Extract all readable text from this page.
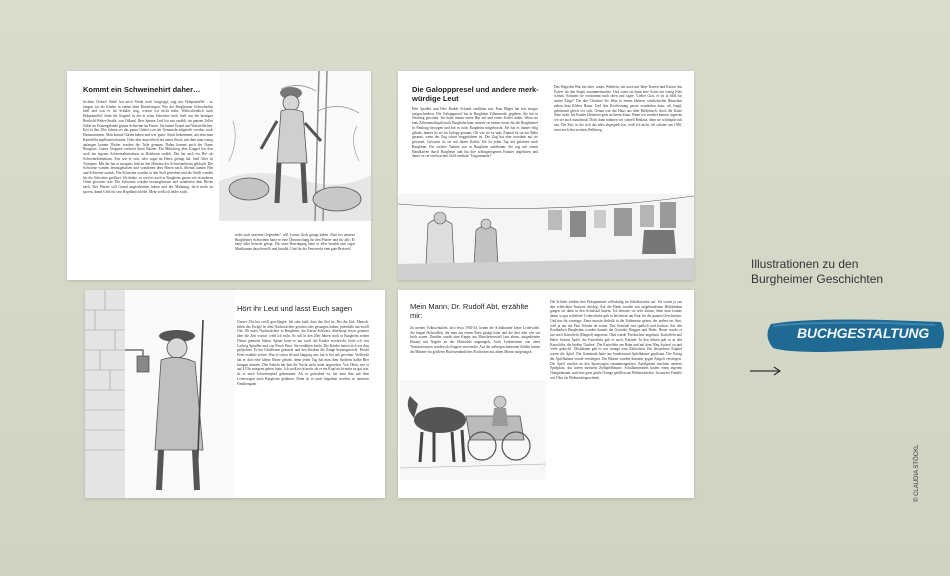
Kommt ein Schweinehirt daher…
Jochem Clobes! Steht! hat mich Schak noch fortgejagt, sagt mir Hohpantoffel… so sangen wir als Kinder in einem alten Kinderreigen. Wie der Burgheimer Schweinehirt hieß und was er für Schulze trug, wissen wir nicht mehr. Wahrscheinlich auch Hohpantoffel, denn die Gegend, in der er seine Schweine trieb, hieß von der heutigen Berthold-Weber-Straße, war Ödland. Herr Spinne Leid hat mir erzählt, im ganzen Zeller Sühle im Frauengelände grasen Schweine im Freien. Sie hatten Grund und Wasserflächen. Erst in den 20er Jahren sei das ganze Gebiet von der Gemeinde aufgeteilt worden, nach Hausnummern. Man konnte Gärten haben und wie 'gutes' Stück bekommen, auf dem man Kartoffeln anpflanzen konnte. Oder aber man erhielt ein neues Stück, mit dem man wenig anfangen konnte. Bisher wurden die Teile genauer. Daher kommt auch der Name Bettgasse. Ganze Gruppen verloren ihren Batzen. Ein Mittelweg über Koppel hat dort noch ein eigenes Schweinehirtenhaus in Holzheim erzählt. Der hat auch ein Hof als Schweinehirtenhaus. Erst wie er sich, oder sogar an Herrn gefragt hat, hieß Alter ist Trompete. Mit der hat er morgens früh an den Häusern der Schweineherrin geklopft. Die Schweine wurden herausgelassen und wanderten dem Hirten nach. Abends kamen Hirt und Schweine zurück. Die Schweine wurden in den Stall getrieben und die Ställe wurden für die Schweine geöffnet. Ich denke, es wird es auch in Burgheim genau wie in anderen Orten gewesen sein. Die Schweine wurden herausgelassen und wanderten dem Hirten nach. Der Pfarrer soll Grund angeschnitten haben und der Mahnung, doch mehr zu sparen, damit Geld für sein Begräbnis bleibe. Mehr weiß ich leider nicht.
nicht auch unserem Gegenden?, will Lorenz Groh gesagt haben. Aber bei unseren Burgheimer Schweinen hatte er eine Überraschung für den Pfarrer und für alle. Er hatte alles beiseite gelegt. Für seine Beerdigung hatte er alles bezahlt und sogar Musikanten dazu bestellt und bezahlt. Und für die Feuerwehr eine gute Brotzeit!
Die Galopppresel und andere merk-würdige Leut
Herr Spadler und Herr Rudolf Schmid erzählten mir, Frau Hilger hat mir einiges aufgeschrieben. Die Galopppresel hat in Burgheim Zithermusik gegeben. Sie hat in Neuburg gewohnt. Sie hatte immer einen Hut auf und einen Koffer dabei. Wenn sie zum Zithermusikspiel nach Burgheim kam, musste sie immer etwas für die Burgheimer in Neuburg besorgen und hat es nach Burgheim mitgebracht. Sie hat es immer eilig gehabt, immer ist sie im Galopp gerannt. Oft war sie zu spät. Einmal ist sie zur Bahn gerannt, wenn der Zug schon weggefahren ist. Der Zug hat aber trotzdem auf sie gewartet. Gewartet ist sie mit ihrem Koffer. Sie ist jeden Tag mit gefahren nach Burgheim. Für weitere Namen war in Burgheim unbekannt. Sie zog mit einem Handkarren durch Burgheim und hat ihre selbstgezogenen Kräuter angeboten und damit ist sie ein bisschen Geld verdient. 'Ungarnmenz!'
Das Wagerlin War ein altes, armes Weiblein, das auch mit Ihrer Karren und Kissen das Pulver für den Segen zusammensuchte. Und wenn sie dann eine Acker ein wenig Klee schnitt, Schauen sie verstummt nach oben und sagte: 'Lieber Gott, es ist ja bloß für meine Ziege!' Die alte Christine Sie lebte in einem kleinen, windschiefen Häuschen neben dem Kleber Bauer. Und ihre Erscheinung passte wunderbar dazu: alt, fragil, gekrümmt gleich vor sich. Genau war das Haus aus dem Bilderbuch. Auch die Katze lebte nicht, bei Kinder kletterten gern an ihrem Zaun. Wenn wir vorüber kamen, ärgerten wir sie auch manchmal. Doch dann nahmen wir schnell Reißaus, denn sie schimpfte mit uns. Die Zeit, in der sich das alles abgespielt hat, weiß ich nicht, ich schätze um 1930, etwa noch den zweiten Weltkrieg.
Hört ihr Leut und lasst Euch sagen
Unsere Uhr hat zwölf geschlagen. Ich sehe bald, dass das Ziel ist. Bei der Zeit, Mensch, behüt das Ewige! In dem Nachtwächter gerufen oder gesungen haben, jedenfalls aus zwölf Uhr. Ob unser Nachtwächter in Burgheim, der Kaiser-Schwarz, überhaupt etwas genaues über die Zeit wusste, weiß ich nicht. Er soll in den 20er Jahren noch in Burgheim seinen Dienst gemacht haben. Später hatte er nur noch die Kinder erschreckt, hörte ich von Ludwig Spindler und von Pesch Peter. Sie erzählten beide: Die Kinder hatten sich vor ihm gefürchtet. Er hat Gefallenen gemacht und den Knaben die Zange herausgereicht. Peschl Peter erzählte weiter: War er schon alt und klapprig war, hat er bei uns gewohnt. Vielleicht hat er dort eine kleine Rente gehabt, denn jeden Tag hat man dem Anderen halbe Bier bringen müssen. Den Enkeln hat ihm die Nacht nicht mehr angesehen. Von Oben, wie er auf 4 Uhr morgens gehört hatte. Ich weiß nicht mehr, ob er ein Kopf nicht mehr zu gut war, ist er nach Schweinepfad gekommen. Als er gestorben ist, hat man ihm mit dem Leiterwagen nach Burgheim gefahren. Denn ist er auch begraben worden, in unserem Familiengrab.
Mein Mann, Dr. Rudolf Abt, erzählte mir:
Zu meiner Volksschulzeit, also etwa 1930-33, hatten die Schulkinder keine Ledersohle. Sie trugen Holzsohlen, die man aus einem Brett gesägt hatte und die drei oder vier cm hoch waren. Darüber wurde eine Kappe aus Manchesterstoff (aus altem, ausgedienten Hosen) mit Nägeln an der Holzsohle angenagelt. Auch Lederriemen von alten Transmissionen wurden als Kappen verwendet. Auf die selbstgeschnittenen Sohlen hatten die Männer ein größeres Hufeisenähnliches Flacheisen aus altem Mosen aufgenagelt.
Die Schüler zahlten ihre Holzpantinen vollständig im Schulkorridor auf. Sie waren ja aus den schlechten Strassen dreckig. Auf der Bank wurden mit aufgebundenen Holzbänken gingen sie dann in den Schulsaal hinein. Ich benutze sie sehr darum, denn man konnte damit so gut schleifen! Lederschuhe gab es höchstens am Paar für die ganzen Geschwister. Und nur für sonntags. Einer musste deshalb in die Frühmesse gehen, der andere ins Amt, weil ja nur ein Paar Schuhe da waren. Das Getreide war spärlich und kuchen: Auf den Kostbarkeit Burgheims wurden damals die Getreide, Roggen und Hafer. Heuer wurde er nur noch Kartoffeln (Dingerl) angesetzt. Obst wurde 'Eierkuchen' angebaut. Kartoffeln und Hafer fressen Äpfel, die Kartoffeln gab es auch, Katzeln. In den Jahren gab es in den Kartoffeln, die hießen 'Gurken'. Die Kartoffeln am Bahn und auf dem Weg Sackerl zu und 'viele gekocht'. Obstbäume gab es nur wenige zum Einkochen. Ein besonderes Kapitel waren die Äpfel. Die Gemeinde hatte am Sonderstand Apfelbäume gepflanzt. Der Ertrag der Apfelbäume wurde versteigert. Die Bäume wurden darunter gegen Entgelt versteigert. Die Äpfel wurden an den Sportwagen zusammengefasst. Apfelgärten machten unseren Spielplatz, das waren meistens Zielapfelbäume. Schulkameraden hatten einen eigenen Orangenbaum, und eine ganz große Orange gefallen am Weihnachtsfest. In unserer Familie war Obst als Weihnachtsgeschenk.
Illustrationen zu den
Burgheimer Geschichten
BUCHGESTALTUNG
© CLAUDIA STÖCKL
